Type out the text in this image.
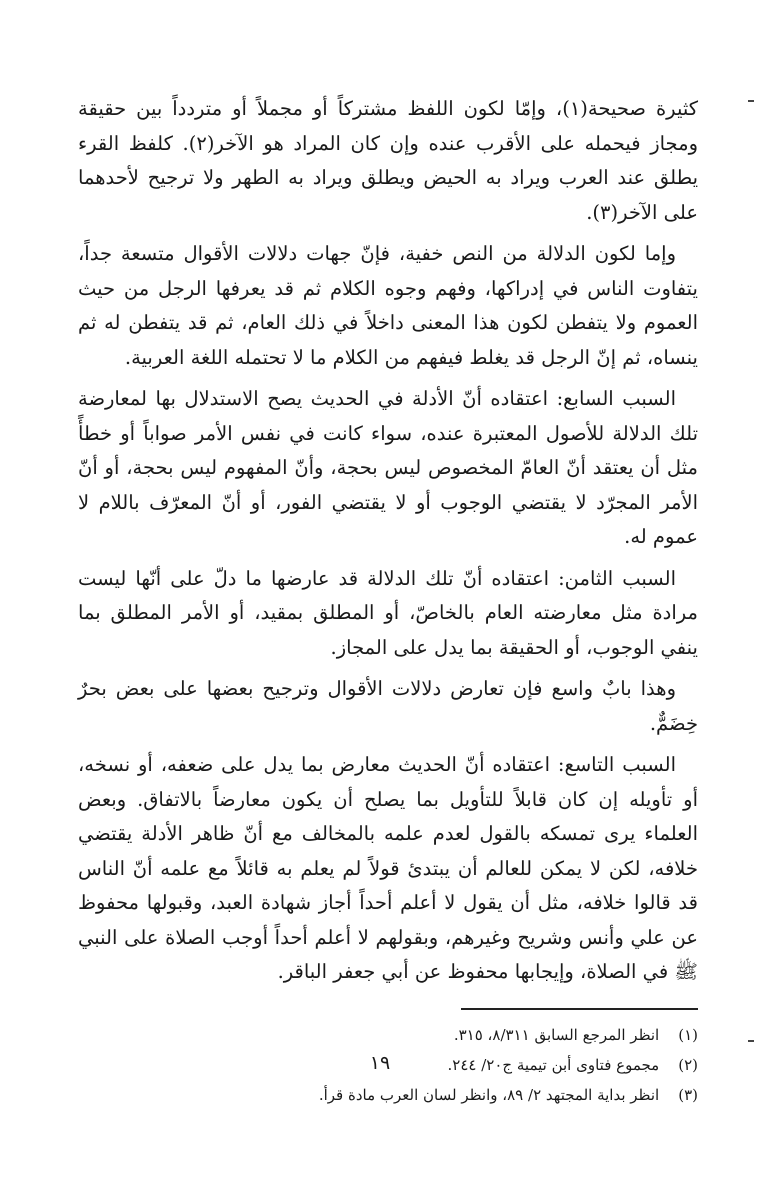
كثيرة صحيحة(١)، وإمّا لكون اللفظ مشتركاً أو مجملاً أو متردداً بين حقيقة ومجاز فيحمله على الأقرب عنده وإن كان المراد هو الآخر(٢). كلفظ القرء يطلق عند العرب ويراد به الحيض ويطلق ويراد به الطهر ولا ترجيح لأحدهما على الآخر(٣).

وإما لكون الدلالة من النص خفية، فإنّ جهات دلالات الأقوال متسعة جداً، يتفاوت الناس في إدراكها، وفهم وجوه الكلام ثم قد يعرفها الرجل من حيث العموم ولا يتفطن لكون هذا المعنى داخلاً في ذلك العام، ثم قد يتفطن له ثم ينساه، ثم إنّ الرجل قد يغلط فيفهم من الكلام ما لا تحتمله اللغة العربية.

السبب السابع: اعتقاده أنّ الأدلة في الحديث يصح الاستدلال بها لمعارضة تلك الدلالة للأصول المعتبرة عنده، سواء كانت في نفس الأمر صواباً أو خطأً مثل أن يعتقد أنّ العامّ المخصوص ليس بحجة، وأنّ المفهوم ليس بحجة، أو أنّ الأمر المجرّد لا يقتضي الوجوب أو لا يقتضي الفور، أو أنّ المعرّف باللام لا عموم له.

السبب الثامن: اعتقاده أنّ تلك الدلالة قد عارضها ما دلّ على أنّها ليست مرادة مثل معارضته العام بالخاصّ، أو المطلق بمقيد، أو الأمر المطلق بما ينفي الوجوب، أو الحقيقة بما يدل على المجاز.

وهذا بابٌ واسع فإن تعارض دلالات الأقوال وترجيح بعضها على بعض بحرٌ خِضَمٌّ.

السبب التاسع: اعتقاده أنّ الحديث معارض بما يدل على ضعفه، أو نسخه، أو تأويله إن كان قابلاً للتأويل بما يصلح أن يكون معارضاً بالاتفاق. وبعض العلماء يرى تمسكه بالقول لعدم علمه بالمخالف مع أنّ ظاهر الأدلة يقتضي خلافه، لكن لا يمكن للعالم أن يبتدئ قولاً لم يعلم به قائلاً مع علمه أنّ الناس قد قالوا خلافه، مثل أن يقول لا أعلم أحداً أجاز شهادة العبد، وقبولها محفوظ عن علي وأنس وشريح وغيرهم، وبقولهم لا أعلم أحداً أوجب الصلاة على النبي ﷺ في الصلاة، وإيجابها محفوظ عن أبي جعفر الباقر.

(١) انظر المرجع السابق ٨/٣١١، ٣١٥.

(٢) مجموع فتاوى أبن تيمية ج٢٠/ ٢٤٤.

(٣) انظر بداية المجتهد ٢/ ٨٩، وانظر لسان العرب مادة قرأ.

١٩
